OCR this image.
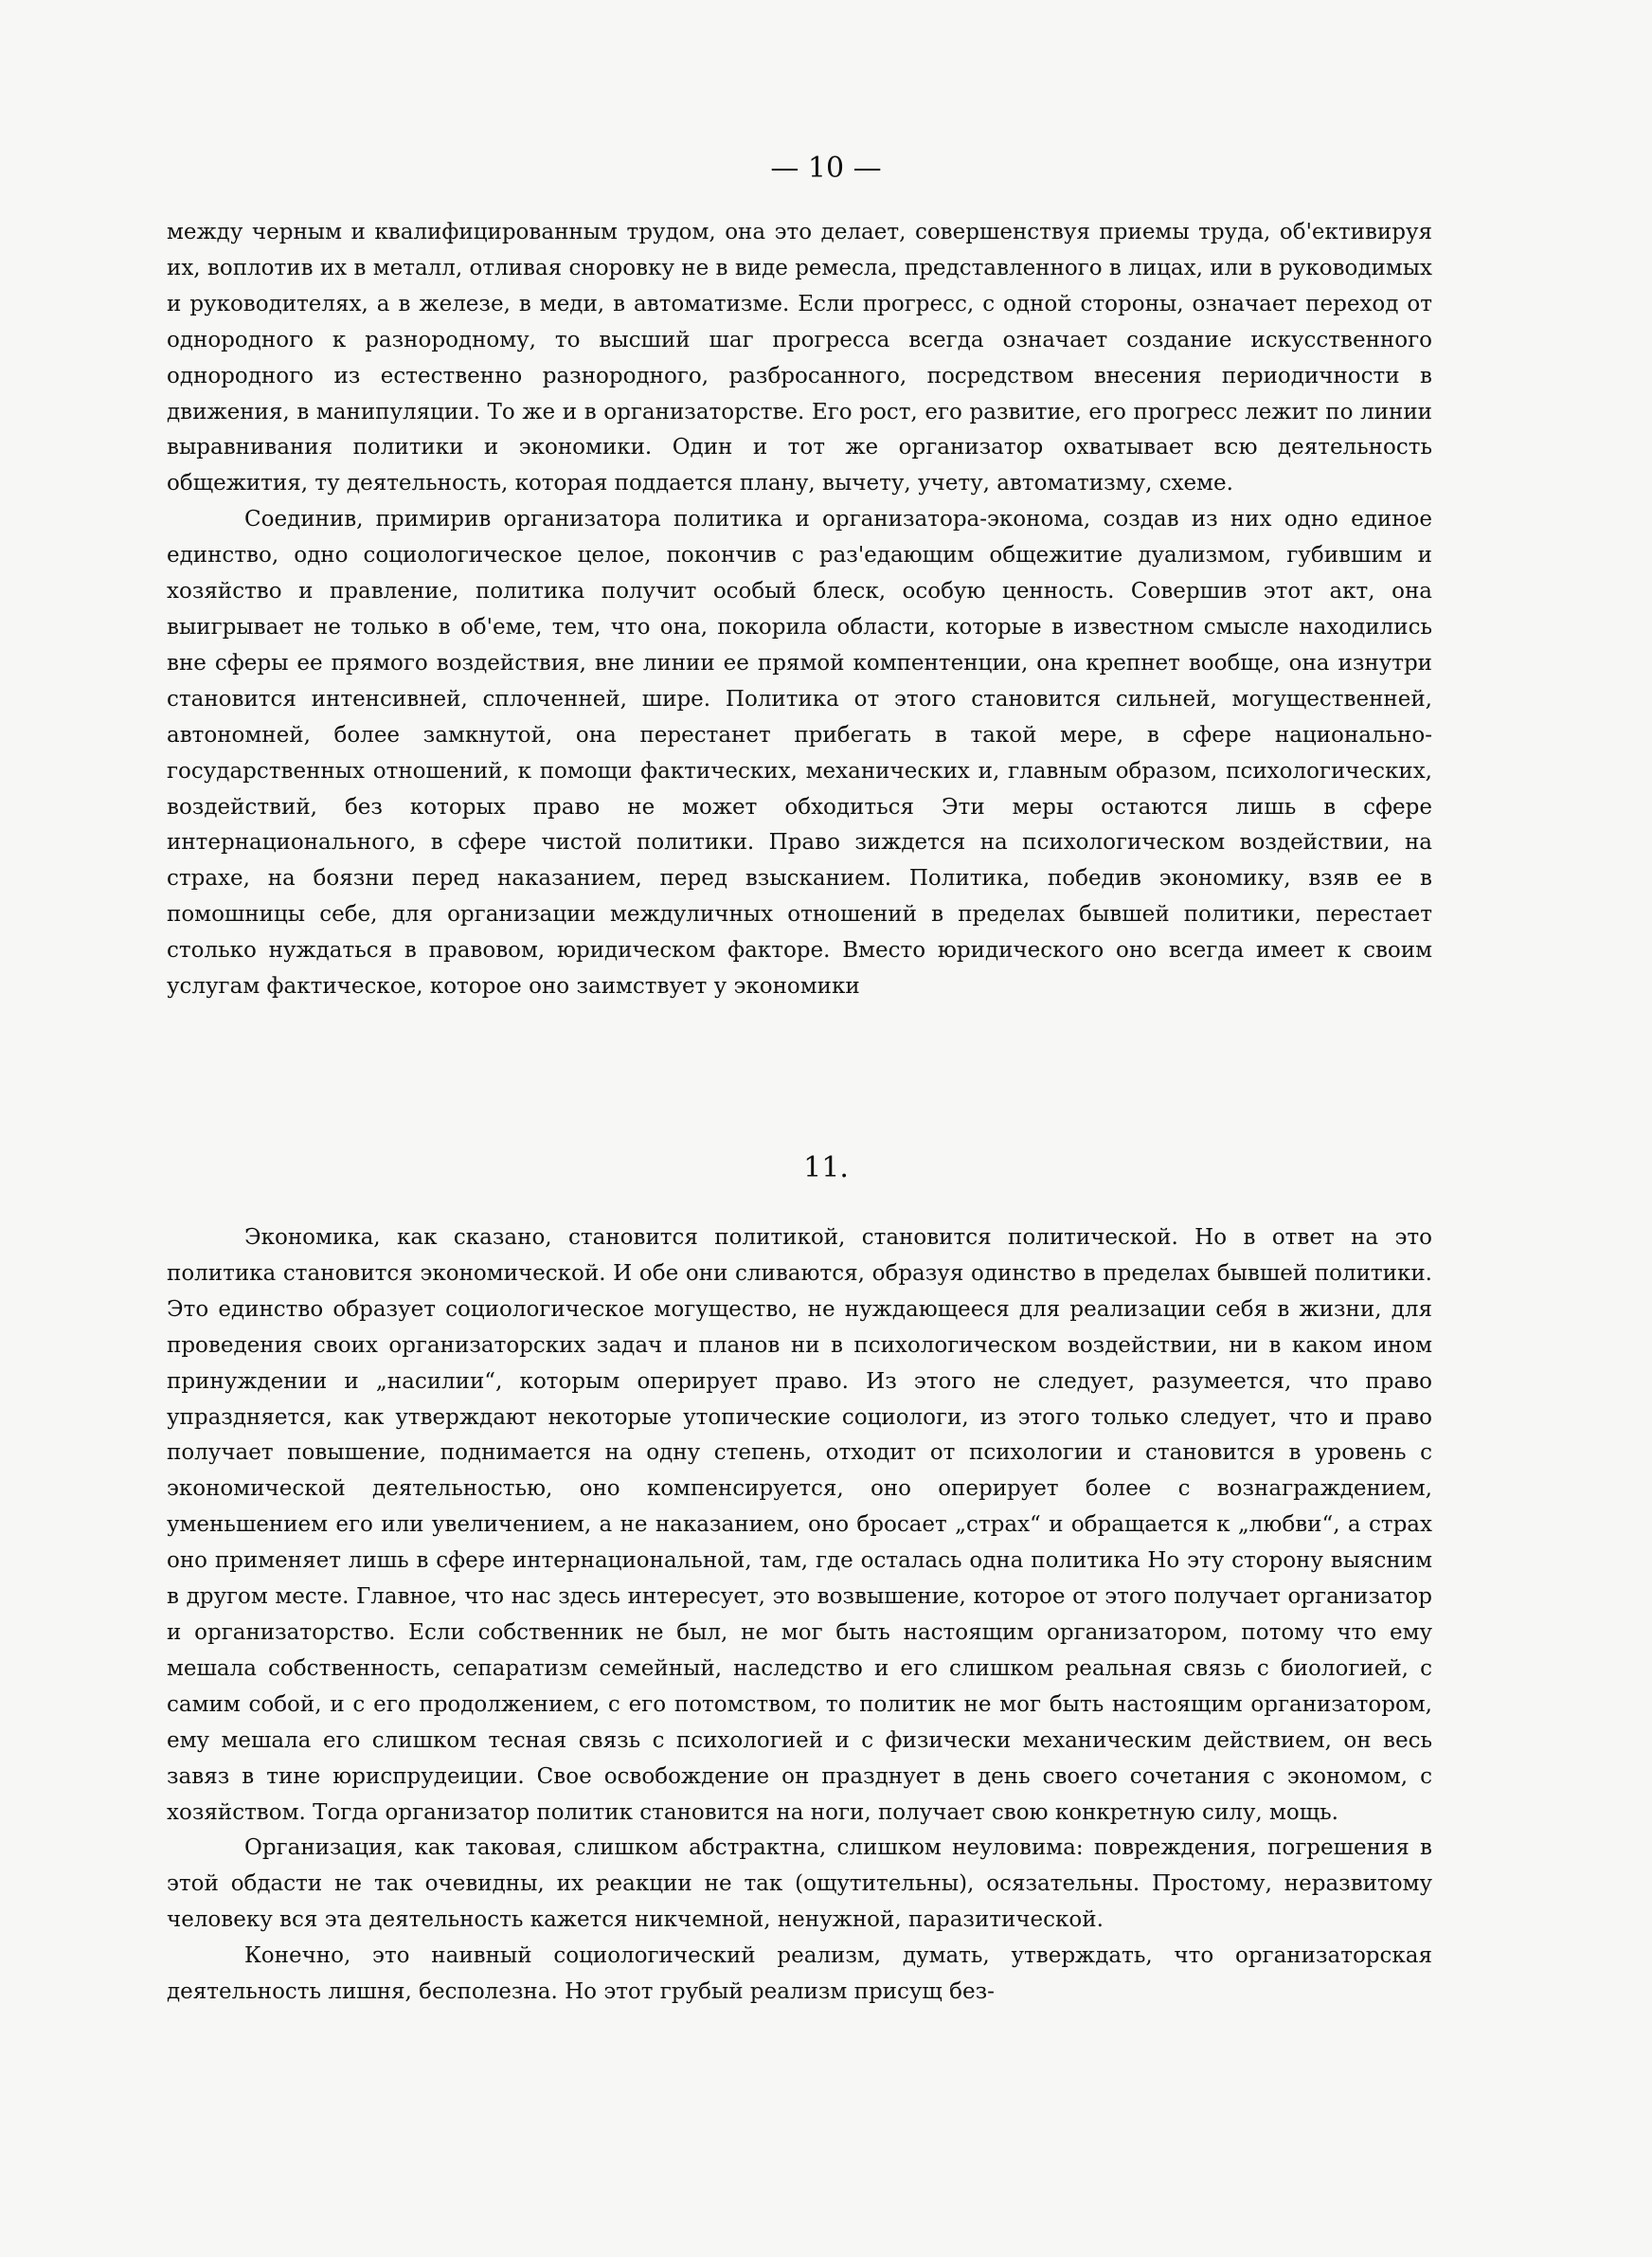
— 10 —

между черным и квалифицированным трудом, она это делает, совершенствуя приемы труда, об'ективируя их, воплотив их в металл, отливая сноровку не в виде ремесла, представленного в лицах, или в руководимых и руководителях, а в железе, в меди, в автоматизме. Если прогресс, с одной стороны, означает переход от однородного к разнородному, то высший шаг прогресса всегда означает создание искусственного однородного из естественно разнородного, разбросанного, посредством внесения периодичности в движения, в манипуляции. То же и в организаторстве. Его рост, его развитие, его прогресс лежит по линии выравнивания политики и экономики. Один и тот же организатор охватывает всю деятельность общежития, ту деятельность, которая поддается плану, вычету, учету, автоматизму, схеме.

Соединив, примирив организатора политика и организатора-эконома, создав из них одно единое единство, одно социологическое целое, покончив с раз'едающим общежитие дуализмом, губившим и хозяйство и правление, политика получит особый блеск, особую ценность. Совершив этот акт, она выигрывает не только в об'еме, тем, что она, покорила области, которые в известном смысле находились вне сферы ее прямого воздействия, вне линии ее прямой компентенции, она крепнет вообще, она изнутри становится интенсивней, сплоченней, шире. Политика от этого становится сильней, могущественней, автономней, более замкнутой, она перестанет прибегать в такой мере, в сфере национально-государственных отношений, к помощи фактических, механических и, главным образом, психологических, воздействий, без которых право не может обходиться Эти меры остаются лишь в сфере интернационального, в сфере чистой политики. Право зиждется на психологическом воздействии, на страхе, на боязни перед наказанием, перед взысканием. Политика, победив экономику, взяв ее в помошницы себе, для организации междуличных отношений в пределах бывшей политики, перестает столько нуждаться в правовом, юридическом факторе. Вместо юридического оно всегда имеет к своим услугам фактическое, которое оно заимствует у экономики

11.

Экономика, как сказано, становится политикой, становится политической. Но в ответ на это политика становится экономической. И обе они сливаются, образуя одинство в пределах бывшей политики. Это единство образует социологическое могущество, не нуждающееся для реализации себя в жизни, для проведения своих организаторских задач и планов ни в психологическом воздействии, ни в каком ином принуждении и „насилии“, которым оперирует право. Из этого не следует, разумеется, что право упраздняется, как утверждают некоторые утопические социологи, из этого только следует, что и право получает повышение, поднимается на одну степень, отходит от психологии и становится в уровень с экономической деятельностью, оно компенсируется, оно оперирует более с вознаграждением, уменьшением его или увеличением, а не наказанием, оно бросает „страх“ и обращается к „любви“, а страх оно применяет лишь в сфере интернациональной, там, где осталась одна политика Но эту сторону выясним в другом месте. Главное, что нас здесь интересует, это возвышение, которое от этого получает организатор и организаторство. Если собственник не был, не мог быть настоящим организатором, потому что ему мешала собственность, сепаратизм семейный, наследство и его слишком реальная связь с биологией, с самим собой, и с его продолжением, с его потомством, то политик не мог быть настоящим организатором, ему мешала его слишком тесная связь с психологией и с физически механическим действием, он весь завяз в тине юриспрудеиции. Свое освобождение он празднует в день своего сочетания с экономом, с хозяйством. Тогда организатор политик становится на ноги, получает свою конкретную силу, мощь.

Организация, как таковая, слишком абстрактна, слишком неуловима: повреждения, погрешения в этой обдасти не так очевидны, их реакции не так (ощутительны), осязательны. Простому, неразвитому человеку вся эта деятельность кажется никчемной, ненужной, паразитической.

Конечно, это наивный социологический реализм, думать, утверждать, что организаторская деятельность лишня, бесполезна. Но этот грубый реализм присущ без-
